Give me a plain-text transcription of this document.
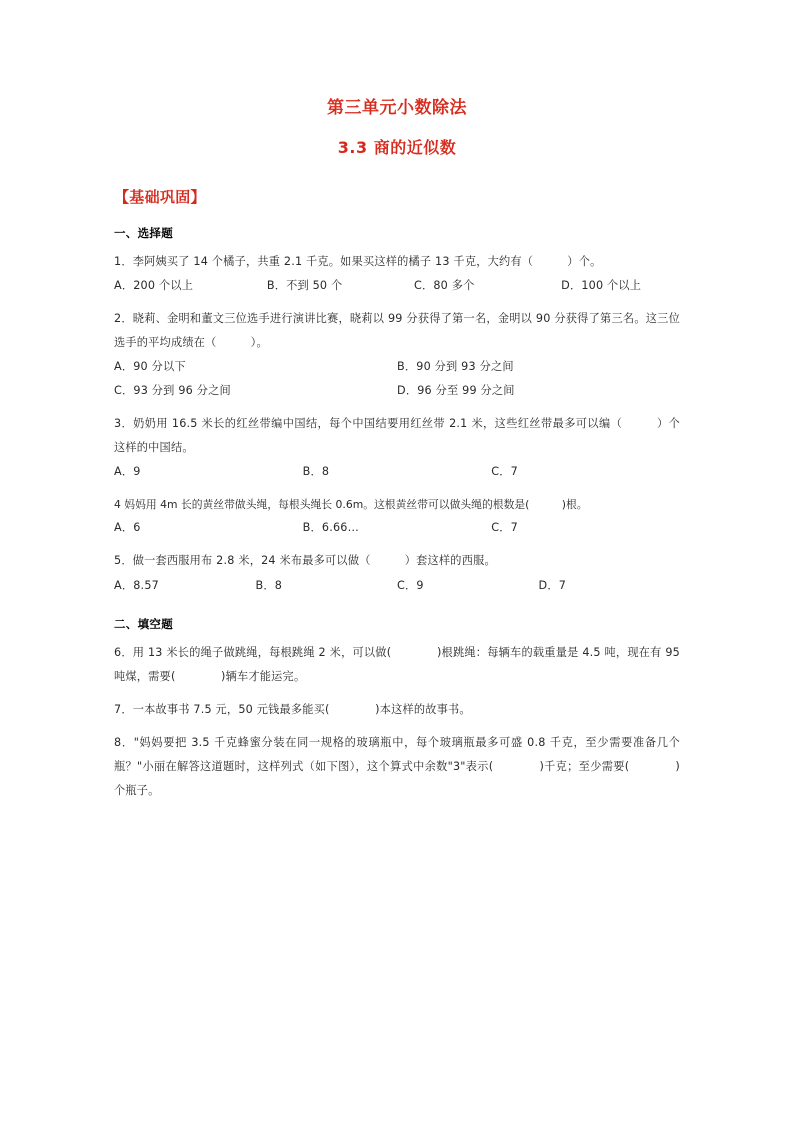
第三单元小数除法
3.3 商的近似数
【基础巩固】
一、选择题

1．李阿姨买了 14 个橘子，共重 2.1 千克。如果买这样的橘子 13 千克，大约有（　　　）个。

A．200 个以上	B．不到 50 个	C．80 多个	D．100 个以上

2．晓莉、金明和董文三位选手进行演讲比赛，晓莉以 99 分获得了第一名，金明以 90 分获得了第三名。这三位选手的平均成绩在（　　　）。

A．90 分以下	B．90 分到 93 分之间
C．93 分到 96 分之间	D．96 分至 99 分之间

3．奶奶用 16.5 米长的红丝带编中国结，每个中国结要用红丝带 2.1 米，这些红丝带最多可以编（　　　）个这样的中国结。

A．9	B．8	C．7

4 妈妈用 4m 长的黄丝带做头绳，每根头绳长 0.6m。这根黄丝带可以做头绳的根数是(　　　)根。

A．6	B．6.66…	C．7

5．做一套西服用布 2.8 米，24 米布最多可以做（　　　）套这样的西服。

A．8.57	B．8	C．9	D．7
二、填空题

6．用 13 米长的绳子做跳绳，每根跳绳 2 米，可以做(　　　　)根跳绳：每辆车的载重量是 4.5 吨，现在有 95 吨煤，需要(　　　　)辆车才能运完。

7．一本故事书 7.5 元，50 元钱最多能买(　　　　)本这样的故事书。

8．"妈妈要把 3.5 千克蜂蜜分装在同一规格的玻璃瓶中，每个玻璃瓶最多可盛 0.8 千克，至少需要准备几个瓶？"小丽在解答这道题时，这样列式（如下图），这个算式中余数"3"表示(　　　　)千克；至少需要(　　　　)个瓶子。
